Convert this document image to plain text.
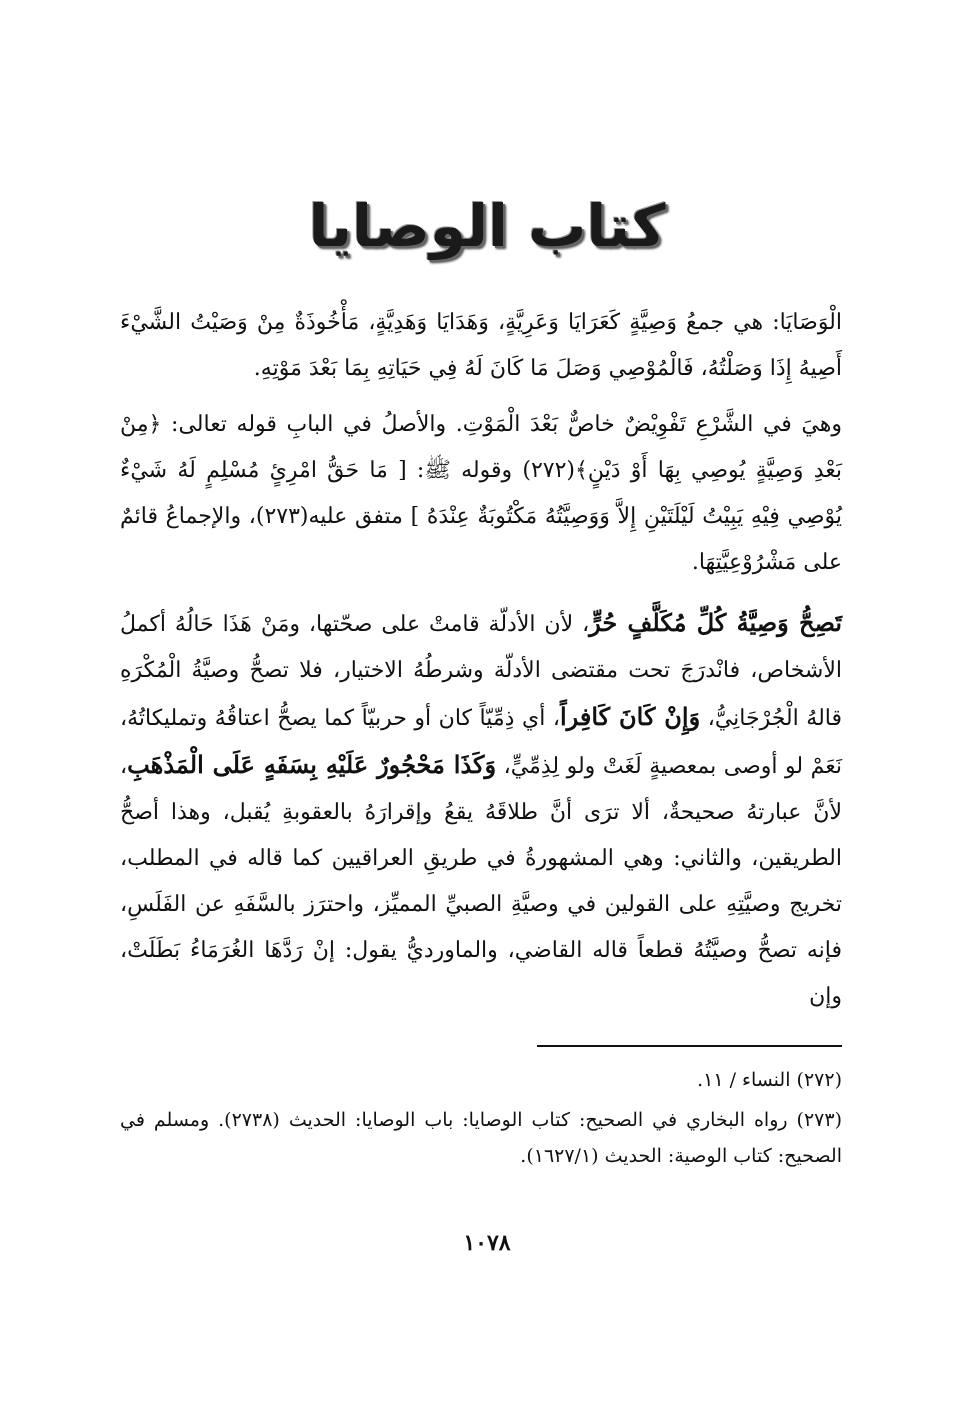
كتاب الوصايا

الْوَصَايَا: هي جمعُ وَصِيَّةٍ كَعَرَايَا وَعَرِيَّةٍ، وَهَدَايَا وَهَدِيَّةٍ، مَأْخُوذَةٌ مِنْ وَصَيْتُ الشَّيْءَ أَصِيهُ إِذَا وَصَلْتُهُ، فَالْمُوْصِي وَصَلَ مَا كَانَ لَهُ فِي حَيَاتِهِ بِمَا بَعْدَ مَوْتِهِ.

وهيَ في الشَّرْعِ تَفْوِيْضٌ خاصٌّ بَعْدَ الْمَوْتِ. والأصلُ في البابِ قوله تعالى: ﴿مِنْ بَعْدِ وَصِيَّةٍ يُوصِي بِهَا أَوْ دَيْنٍ﴾(٢٧٢) وقوله ﷺ: [ مَا حَقُّ امْرِئٍ مُسْلِمٍ لَهُ شَيْءٌ يُوْصِي فِيْهِ يَبِيْتُ لَيْلَتَيْنِ إِلاَّ وَوَصِيَّتُهُ مَكْتُوبَةٌ عِنْدَهُ ] متفق عليه(٢٧٣)، والإجماعُ قائمٌ على مَشْرُوْعِيَّتِهَا.

تَصِحُّ وَصِيَّةُ كُلِّ مُكَلَّفٍ حُرٍّ، لأن الأدلّة قامتْ على صحّتها، ومَنْ هَذَا حَالُهُ أكملُ الأشخاص، فانْدرَجَ تحت مقتضى الأدلّة وشرطُهُ الاختيار، فلا تصحُّ وصيَّةُ الْمُكْرَهِ قالهُ الْجُرْجَانِيُّ، وَإِنْ كَانَ كَافِراً، أي ذِمِّيّاً كان أو حربيّاً كما يصحُّ اعتاقُهُ وتمليكاتُهُ، نَعَمْ لو أوصى بمعصيةٍ لَغَتْ ولو لِذِمِّيٍّ، وَكَذَا مَحْجُورٌ عَلَيْهِ بِسَفَهٍ عَلَى الْمَذْهَبِ، لأنَّ عبارتهُ صحيحةٌ، ألا ترَى أنَّ طلاقَهُ يقعُ وإقرارَهُ بالعقوبةِ يُقبل، وهذا أصحُّ الطريقين، والثاني: وهي المشهورةُ في طريقِ العراقيين كما قاله في المطلب، تخريج وصيَّتِهِ على القولين في وصيَّةِ الصبيِّ المميِّز، واحترَز بالسَّفَهِ عن الفَلَسِ، فإنه تصحُّ وصيَّتُهُ قطعاً قاله القاضي، والماورديُّ يقول: إنْ رَدَّهَا الغُرَمَاءُ بَطَلَتْ، وإن

(٢٧٢) النساء / ١١.

(٢٧٣) رواه البخاري في الصحيح: كتاب الوصايا: باب الوصايا: الحديث (٢٧٣٨). ومسلم في الصحيح: كتاب الوصية: الحديث (١٦٢٧/١).

١٠٧٨
